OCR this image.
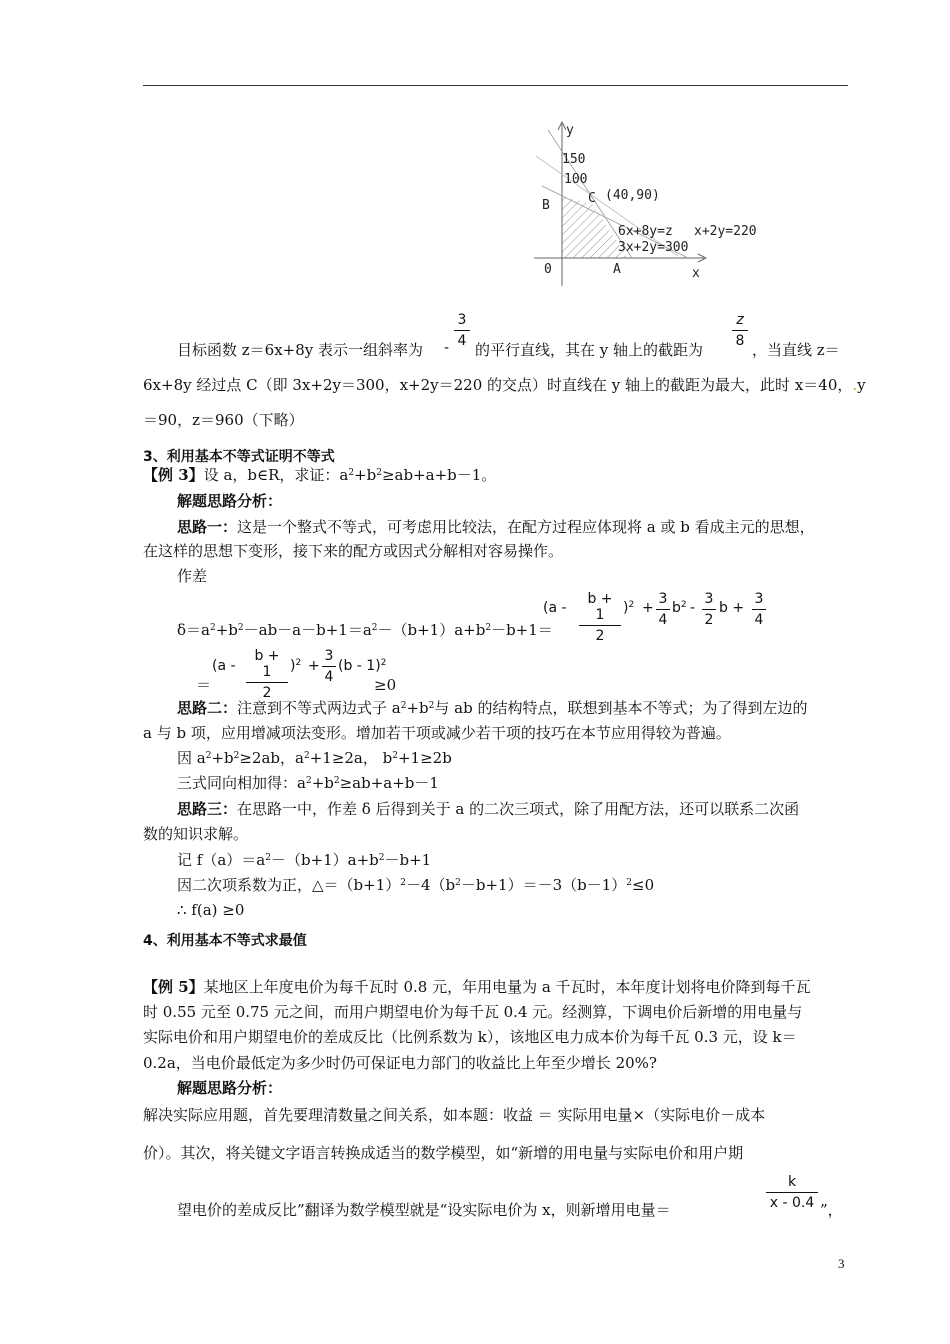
y
150
100
B	C (40,90)
6x+8y=z x+2y=220
3x+2y=300
0	A	x
目标函数 z＝6x+8y 表示一组斜率为 - $\frac{3}{4}$
的平行直线，其在 y 轴上的截距为
$\frac{z}{8}$
，当直线 z＝
6x+8y 经过点 C（即 3x+2y＝300，x+2y＝220 的交点）时直线在 y 轴上的截距为最大，此时 x＝40，.y
＝90，z＝960（下略）
3、利用基本不等式证明不等式
【例 3】设 a，b∈R，求证：$a^2+b^2\ge ab+a+b-1$。
解题思路分析：
思路一：这是一个整式不等式，可考虑用比较法，在配方过程应体现将 a 或 b 看成主元的思想，
在这样的思想下变形，接下来的配方或因式分解相对容易操作。
作差
$\delta=a^2+b^2-ab-a-b+1=a^2-(b+1)a+b^2-b+1=$
$(a - \frac{b + 1}{2} )^2 + \frac{3}{4} b^2 - \frac{3}{2}$ $b + \frac{3}{4}$
＝
$(a - \frac{b + 1}{2} )^2 + \frac{3}{4} (b - 1)^2$
≥0
思路二：注意到不等式两边式子 $a^2+b^2$与 ab 的结构特点，联想到基本不等式；为了得到左边的
a 与 b 项，应用增减项法变形。增加若干项或减少若干项的技巧在本节应用得较为普遍。
因 $a^2+b^2\ge 2ab$，$a^2+1\ge 2a$， $b^2+1\ge 2b$
三式同向相加得：$a^2+b^2\ge ab+a+b-1$
思路三：在思路一中，作差 δ 后得到关于 a 的二次三项式，除了用配方法，还可以联系二次函
数的知识求解。
记 $f(a)=a^2-(b+1)a+b^2-b+1$
因二次项系数为正，$\triangle=(b+1)^2-4(b^2-b+1)=-3(b-1)^2\le 0$
∴ f(a) ≥0
4、利用基本不等式求最值
【例 5】某地区上年度电价为每千瓦时 0.8 元，年用电量为 a 千瓦时，本年度计划将电价降到每千瓦
时 0.55 元至 0.75 元之间，而用户期望电价为每千瓦 0.4 元。经测算，下调电价后新增的用电量与
实际电价和用户期望电价的差成反比（比例系数为 k），该地区电力成本价为每千瓦 0.3 元，设 k＝
0.2a，当电价最低定为多少时仍可保证电力部门的收益比上年至少增长 20%?
解题思路分析：
解决实际应用题，首先要理清数量之间关系，如本题：收益 ＝ 实际用电量×（实际电价－成本
价）。其次，将关键文字语言转换成适当的数学模型，如“新增的用电量与实际电价和用户期
望电价的差成反比”翻译为数学模型就是“设实际电价为 x，则新增用电量＝	$\frac{k}{x - 0.4}$ ”，
3
